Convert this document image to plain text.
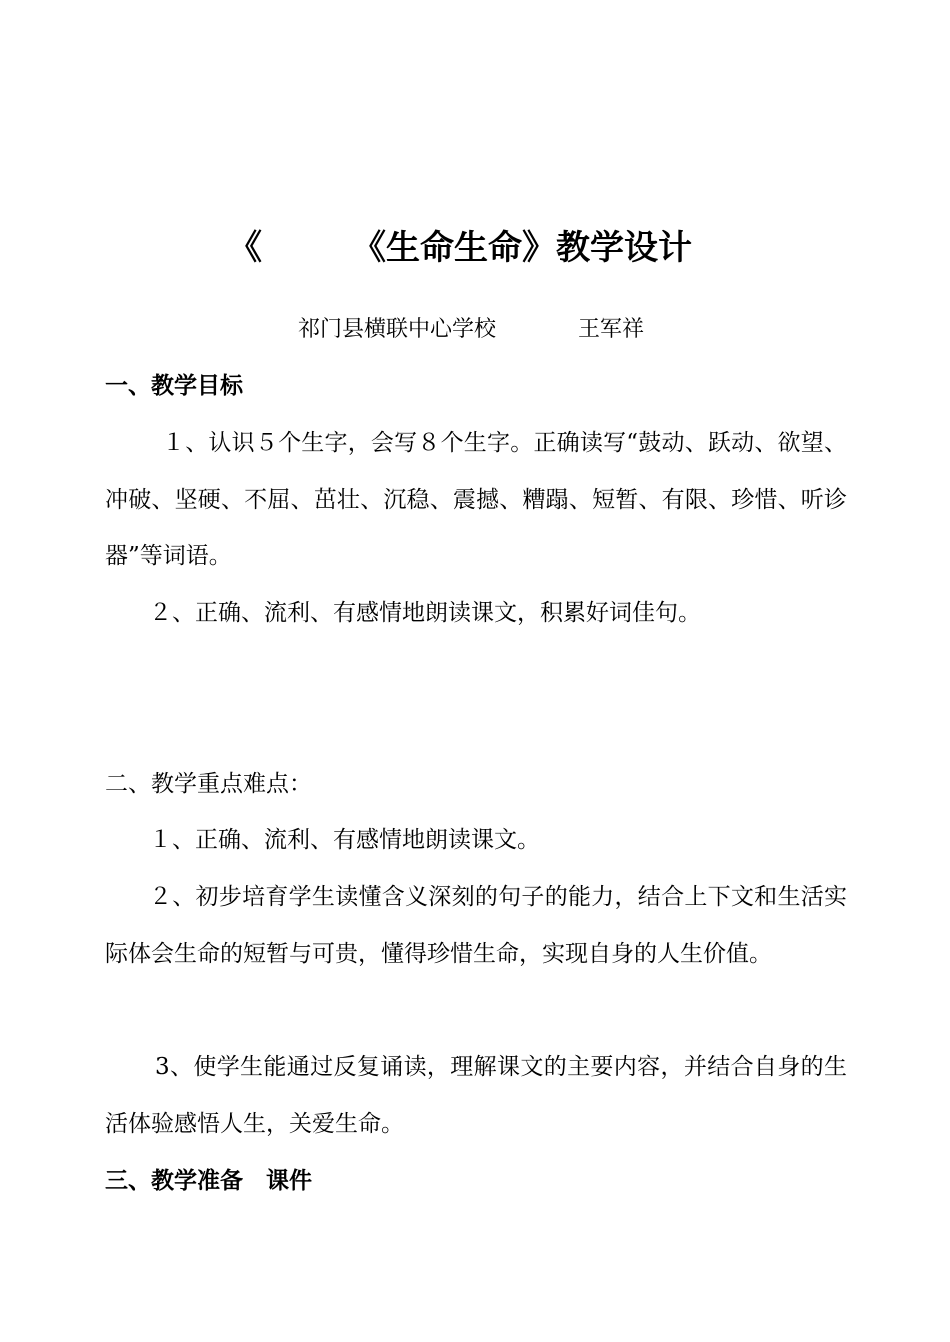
《	《生命生命》教学设计
祁门县横联中心学校	王军祥
一、教学目标
１、认识５个生字，会写８个生字。正确读写“鼓动、跃动、欲望、冲破、坚硬、不屈、茁壮、沉稳、震撼、糟蹋、短暂、有限、珍惜、听诊器”等词语。
２、正确、流利、有感情地朗读课文，积累好词佳句。
二、教学重点难点：
１、正确、流利、有感情地朗读课文。
２、初步培育学生读懂含义深刻的句子的能力，结合上下文和生活实际体会生命的短暂与可贵，懂得珍惜生命，实现自身的人生价值。
3、使学生能通过反复诵读，理解课文的主要内容，并结合自身的生活体验感悟人生，关爱生命。
三、教学准备　课件
